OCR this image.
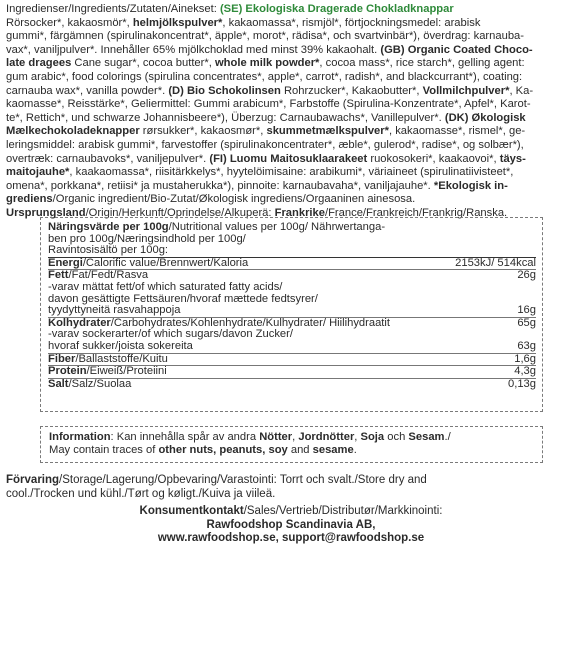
Ingredienser/Ingredients/Zutaten/Ainekset: (SE) Ekologiska Dragerade Chokladknappar
Rörsocker*, kakaosmör*, helmjölkspulver*, kakaomassa*, rismjöl*, förtjockningsmedel: arabisk
gummi*, färgämnen (spirulinakoncentrat*, äpple*, morot*, rädisa*, och svartvinbär*), överdrag: karnauba-
vax*, vaniljpulver*. Innehåller 65% mjölkchoklad med minst 39% kakaohalt. (GB) Organic Coated Choco-
late dragees Cane sugar*, cocoa butter*, whole milk powder*, cocoa mass*, rice starch*, gelling agent:
gum arabic*, food colorings (spirulina concentrates*, apple*, carrot*, radish*, and blackcurrant*), coating:
carnauba wax*, vanilla powder*. (D) Bio Schokolinsen Rohrzucker*, Kakaobutter*, Vollmilchpulver*, Ka-
kaomasse*, Reisstärke*, Geliermittel: Gummi arabicum*, Farbstoffe (Spirulina-Konzentrate*, Apfel*, Karot-
te*, Rettich*, und schwarze Johannisbeere*), Überzug: Carnaubawachs*, Vanillepulver*. (DK) Økologisk
Mælkechokoladeknapper rørsukker*, kakaosmør*, skummetmælkspulver*, kakaomasse*, rismel*, ge-
leringsmiddel: arabisk gummi*, farvestoffer (spirulinakoncentrater*, æble*, gulerod*, radise*, og solbær*),
overtræk: carnaubavoks*, vaniljepulver*. (FI) Luomu Maitosuklaarakeet ruokosokeri*, kaakaovoi*, täys-
maitojauhe*, kaakaomassa*, riisitärkkelys*, hyytelöimisaine: arabikumi*, väriaineet (spirulinatiivisteet*,
omena*, porkkana*, retiisi* ja mustaherukka*), pinnoite: karnaubavaha*, vaniljajauhe*. *Ekologisk in-
grediens/Organic ingredient/Bio-Zutat/Økologisk ingrediens/Orgaaninen ainesosa.
Ursprungsland/Origin/Herkunft/Oprindelse/Alkuperä: Frankrike/France/Frankreich/Frankrig/Ranska.
Näringsvärde per 100g/Nutritional values per 100g/ Nährwertanga-
ben pro 100g/Næringsindhold per 100g/
Ravintosisältö per 100g:
Energi/Calorific value/Brennwert/Kaloria	2153kJ/ 514kcal
Fett/Fat/Fedt/Rasva	26g
-varav mättat fett/of which saturated fatty acids/
davon gesättigte Fettsäuren/hvoraf mættede fedtsyrer/
tyydyttyneitä rasvahappoja	16g
Kolhydrater/Carbohydrates/Kohlenhydrate/Kulhydrater/ Hiilihydraatit	65g
-varav sockerarter/of which sugars/davon Zucker/
hvoraf sukker/joista sokereita	63g
Fiber/Ballaststoffe/Kuitu	1,6g
Protein/Eiweiß/Proteiini	4,3g
Salt/Salz/Suolaa	0,13g
Information: Kan innehålla spår av andra Nötter, Jordnötter, Soja och Sesam./
May contain traces of other nuts, peanuts, soy and sesame.
Förvaring/Storage/Lagerung/Opbevaring/Varastointi: Torrt och svalt./Store dry and
cool./Trocken und kühl./Tørt og køligt./Kuiva ja viileä.
Konsumentkontakt/Sales/Vertrieb/Distributør/Markkinointi:
Rawfoodshop Scandinavia AB,
www.rawfoodshop.se, support@rawfoodshop.se
